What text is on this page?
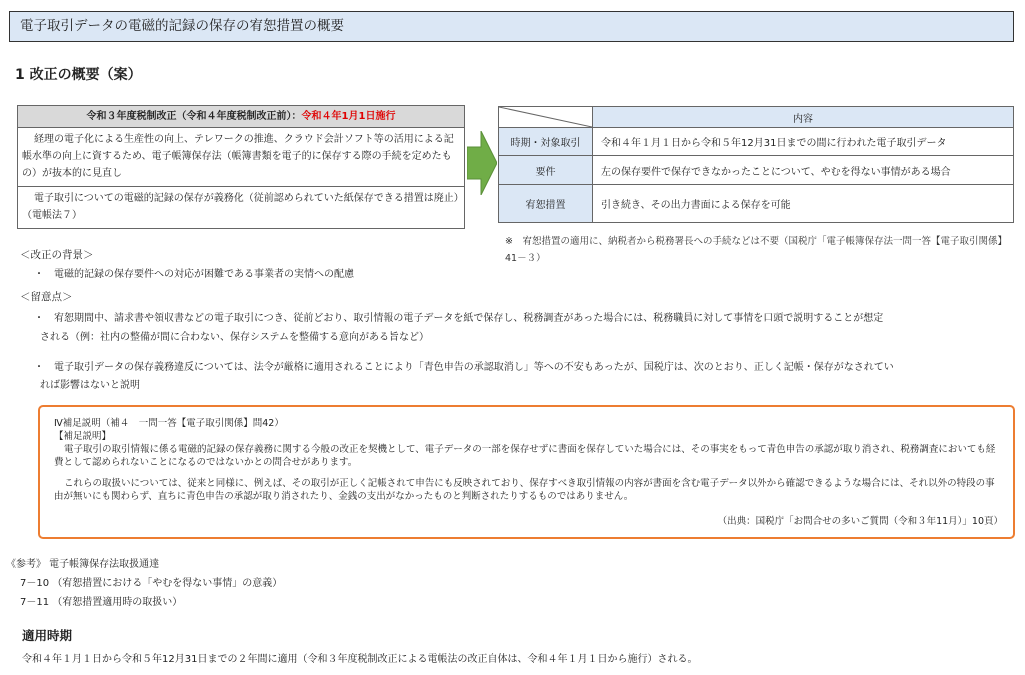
電子取引データの電磁的記録の保存の宥恕措置の概要
1 改正の概要（案）
令和３年度税制改正（令和４年度税制改正前）：令和４年1月1日施行
経理の電子化による生産性の向上、テレワークの推進、クラウド会計ソフト等の活用による記帳水準の向上に資するため、電子帳簿保存法（帳簿書類を電子的に保存する際の手続を定めたもの）が抜本的に見直し
電子取引についての電磁的記録の保存が義務化（従前認められていた紙保存できる措置は廃止）（電帳法７）
	内容
時期・対象取引	令和４年１月１日から令和５年12月31日までの間に行われた電子取引データ
要件	左の保存要件で保存できなかったことについて、やむを得ない事情がある場合
宥恕措置	引き続き、その出力書面による保存を可能
※　宥恕措置の適用に、納税者から税務署長への手続などは不要（国税庁「電子帳簿保存法一問一答【電子取引関係】41－３）
＜改正の背景＞
・	電磁的記録の保存要件への対応が困難である事業者の実情への配慮
＜留意点＞
・	宥恕期間中、請求書や領収書などの電子取引につき、従前どおり、取引情報の電子データを紙で保存し、税務調査があった場合には、税務職員に対して事情を口頭で説明することが想定
される（例：社内の整備が間に合わない、保存システムを整備する意向がある旨など）
・	電子取引データの保存義務違反については、法令が厳格に適用されることにより「青色申告の承認取消し」等への不安もあったが、国税庁は、次のとおり、正しく記帳・保存がなされてい
れば影響はないと説明
Ⅳ補足説明（補４　一問一答【電子取引関係】問42）
【補足説明】
電子取引の取引情報に係る電磁的記録の保存義務に関する今般の改正を契機として、電子データの一部を保存せずに書面を保存していた場合には、その事実をもって青色申告の承認が取り消され、税務調査においても経費として認められないことになるのではないかとの問合せがあります。
これらの取扱いについては、従来と同様に、例えば、その取引が正しく記帳されて申告にも反映されており、保存すべき取引情報の内容が書面を含む電子データ以外から確認できるような場合には、それ以外の特段の事由が無いにも関わらず、直ちに青色申告の承認が取り消されたり、金銭の支出がなかったものと判断されたりするものではありません。
（出典：国税庁「お問合せの多いご質問（令和３年11月）」10頁）
《参考》 電子帳簿保存法取扱通達
7－10 （宥恕措置における「やむを得ない事情」の意義）
7－11 （宥恕措置適用時の取扱い）
適用時期
令和４年１月１日から令和５年12月31日までの２年間に適用（令和３年度税制改正による電帳法の改正自体は、令和４年１月１日から施行）される。
